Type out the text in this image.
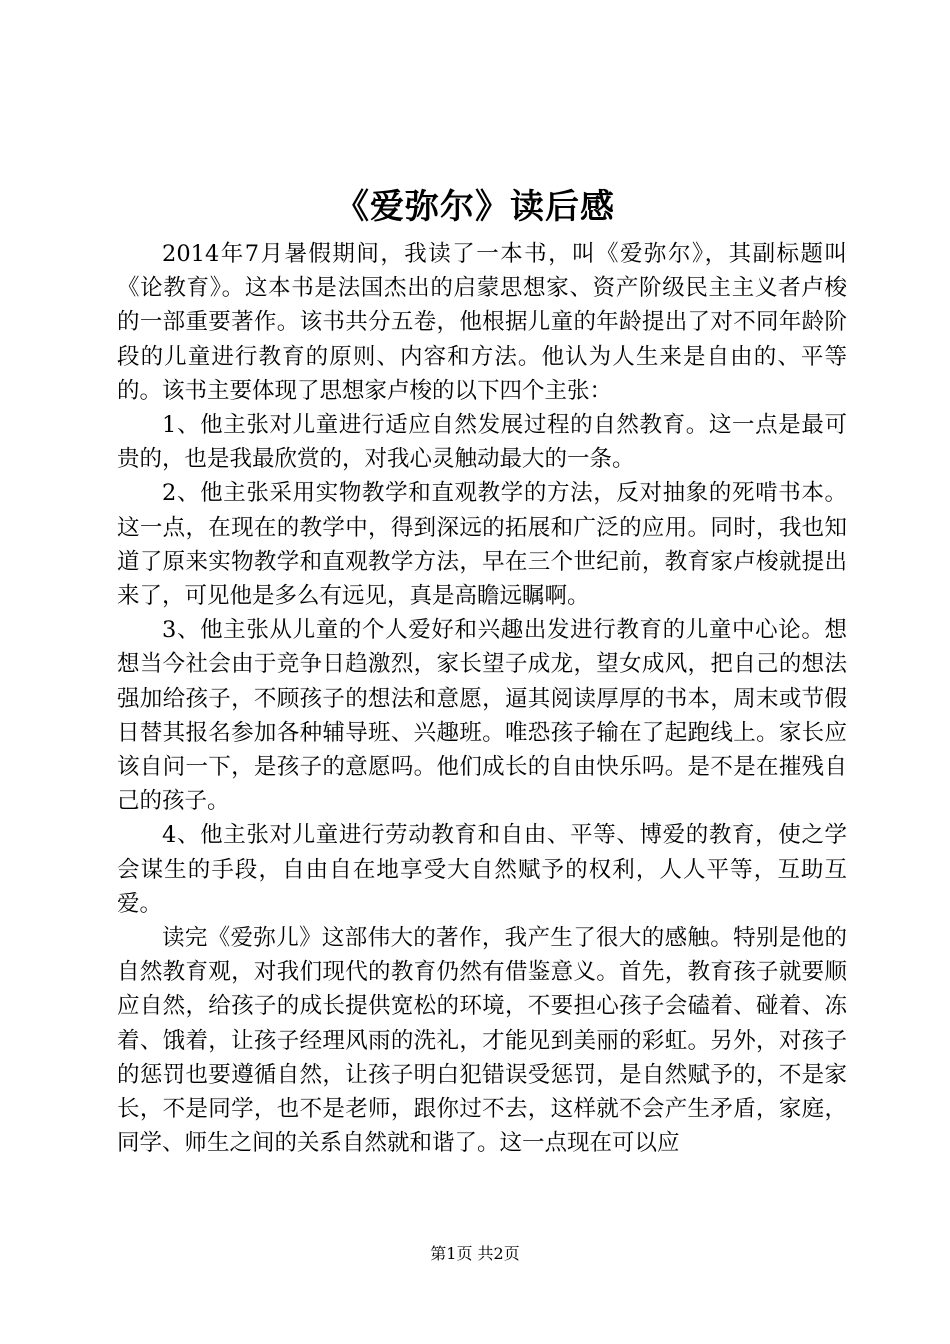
《爱弥尔》读后感

2014年7月暑假期间，我读了一本书，叫《爱弥尔》，其副标题叫《论教育》。这本书是法国杰出的启蒙思想家、资产阶级民主主义者卢梭的一部重要著作。该书共分五卷，他根据儿童的年龄提出了对不同年龄阶段的儿童进行教育的原则、内容和方法。他认为人生来是自由的、平等的。该书主要体现了思想家卢梭的以下四个主张：

1、他主张对儿童进行适应自然发展过程的自然教育。这一点是最可贵的，也是我最欣赏的，对我心灵触动最大的一条。

2、他主张采用实物教学和直观教学的方法，反对抽象的死啃书本。这一点，在现在的教学中，得到深远的拓展和广泛的应用。同时，我也知道了原来实物教学和直观教学方法，早在三个世纪前，教育家卢梭就提出来了，可见他是多么有远见，真是高瞻远瞩啊。

3、他主张从儿童的个人爱好和兴趣出发进行教育的儿童中心论。想想当今社会由于竞争日趋激烈，家长望子成龙，望女成风，把自己的想法强加给孩子，不顾孩子的想法和意愿，逼其阅读厚厚的书本，周末或节假日替其报名参加各种辅导班、兴趣班。唯恐孩子输在了起跑线上。家长应该自问一下，是孩子的意愿吗。他们成长的自由快乐吗。是不是在摧残自己的孩子。

4、他主张对儿童进行劳动教育和自由、平等、博爱的教育，使之学会谋生的手段，自由自在地享受大自然赋予的权利，人人平等，互助互爱。

读完《爱弥儿》这部伟大的著作，我产生了很大的感触。特别是他的自然教育观，对我们现代的教育仍然有借鉴意义。首先，教育孩子就要顺应自然，给孩子的成长提供宽松的环境，不要担心孩子会磕着、碰着、冻着、饿着，让孩子经理风雨的洗礼，才能见到美丽的彩虹。另外，对孩子的惩罚也要遵循自然，让孩子明白犯错误受惩罚，是自然赋予的，不是家长，不是同学，也不是老师，跟你过不去，这样就不会产生矛盾，家庭，同学、师生之间的关系自然就和谐了。这一点现在可以应

第1页 共2页
